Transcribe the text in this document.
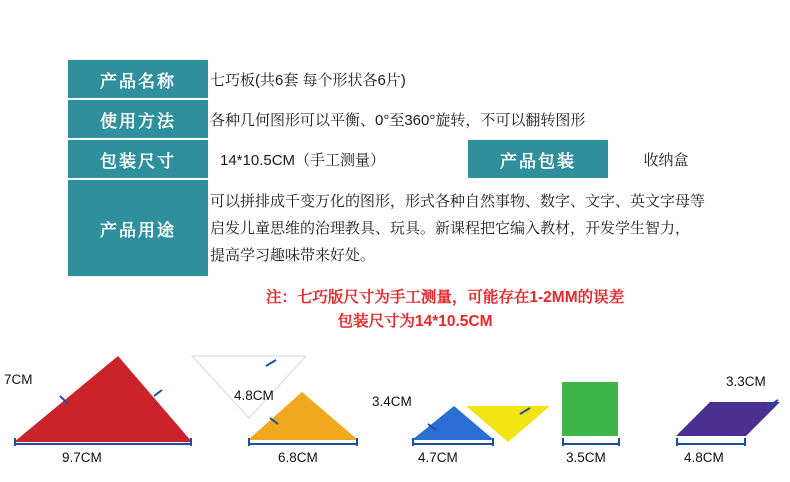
产品名称	七巧板(共6套 每个形状各6片)
使用方法	各种几何图形可以平衡、0°至360°旋转，不可以翻转图形
包装尺寸	14*10.5CM（手工测量） 产品包装 收纳盒

产品用途	可以拼排成千变万化的图形，形式各种自然事物、数字、文字、英文字母等
启发儿童思维的治理教具、玩具。新课程把它编入教材，开发学生智力，
提高学习趣味带来好处。
注：七巧版尺寸为手工测量，可能存在1-2MM的误差
包装尺寸为14*10.5CM
7CM
9.7CM
4.8CM
6.8CM
3.4CM
4.7CM	3.5CM
3.3CM
4.8CM
